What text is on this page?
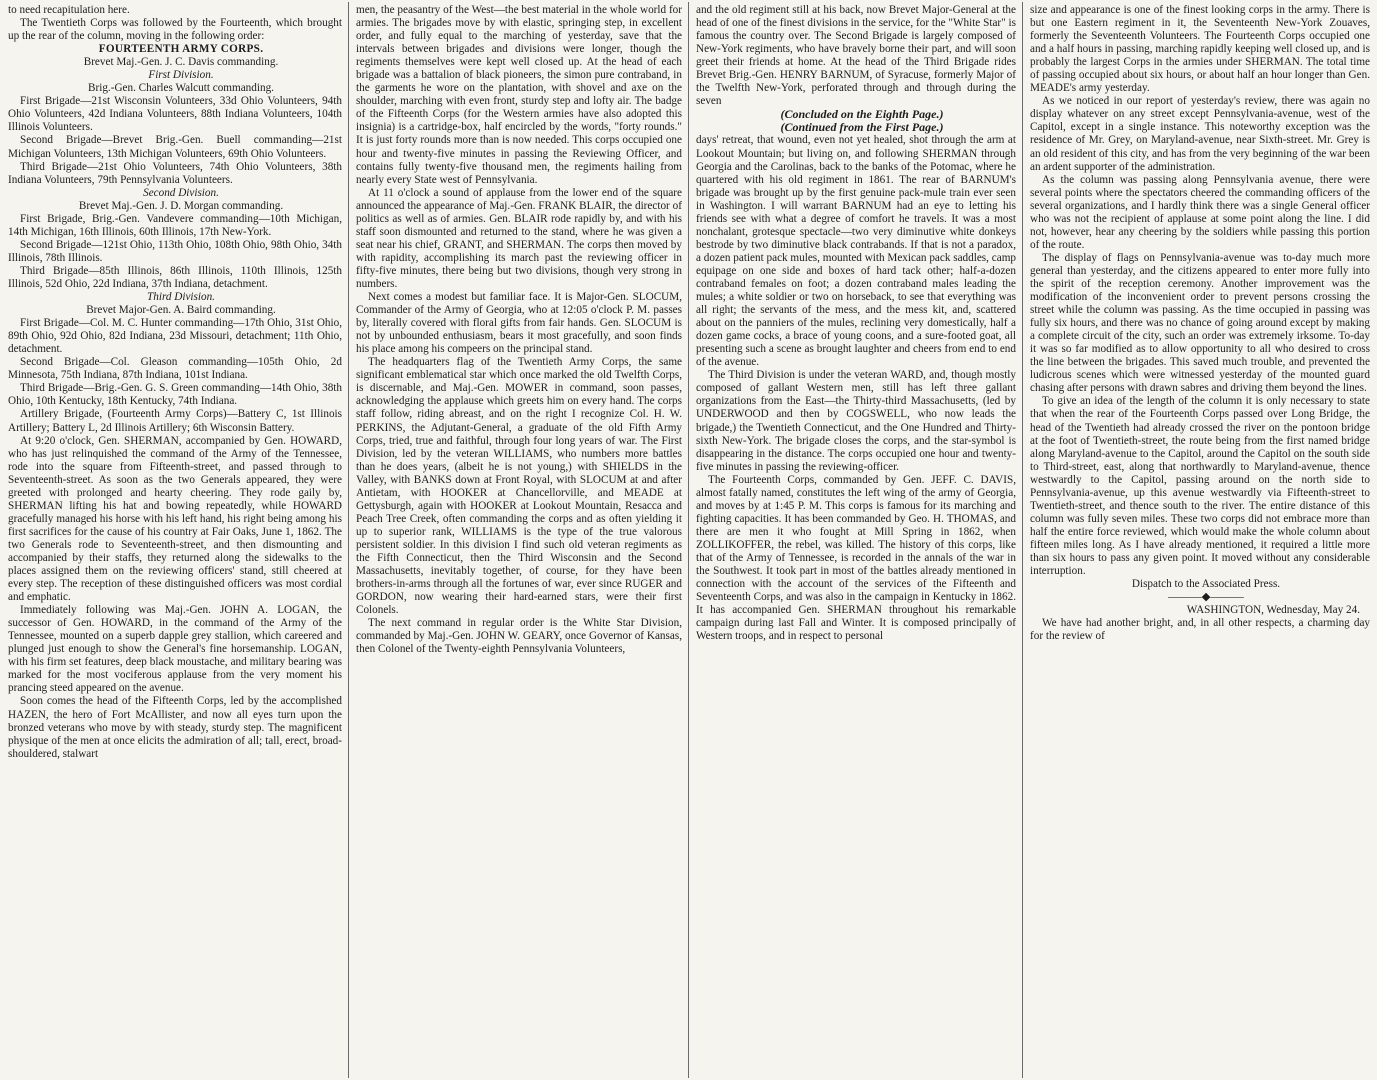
to need recapitulation here.

The Twentieth Corps was followed by the Fourteenth, which brought up the rear of the column, moving in the following order:

FOURTEENTH ARMY CORPS.

Brevet Maj.-Gen. J. C. Davis commanding.

First Division.

Brig.-Gen. Charles Walcutt commanding.

First Brigade—21st Wisconsin Volunteers, 33d Ohio Volunteers, 94th Ohio Volunteers, 42d Indiana Volunteers, 88th Indiana Volunteers, 104th Illinois Volunteers.

Second Brigade—Brevet Brig.-Gen. Buell commanding—21st Michigan Volunteers, 13th Michigan Volunteers, 69th Ohio Volunteers.

Third Brigade—21st Ohio Volunteers, 74th Ohio Volunteers, 38th Indiana Volunteers, 79th Pennsylvania Volunteers.

Second Division.

Brevet Maj.-Gen. J. D. Morgan commanding.

First Brigade, Brig.-Gen. Vandevere commanding—10th Michigan, 14th Michigan, 16th Illinois, 60th Illinois, 17th New-York.

Second Brigade—121st Ohio, 113th Ohio, 108th Ohio, 98th Ohio, 34th Illinois, 78th Illinois.

Third Brigade—85th Illinois, 86th Illinois, 110th Illinois, 125th Illinois, 52d Ohio, 22d Indiana, 37th Indiana, detachment.

Third Division.

Brevet Major-Gen. A. Baird commanding.

First Brigade—Col. M. C. Hunter commanding—17th Ohio, 31st Ohio, 89th Ohio, 92d Ohio, 82d Indiana, 23d Missouri, detachment; 11th Ohio, detachment.

Second Brigade—Col. Gleason commanding—105th Ohio, 2d Minnesota, 75th Indiana, 87th Indiana, 101st Indiana.

Third Brigade—Brig.-Gen. G. S. Green commanding—14th Ohio, 38th Ohio, 10th Kentucky, 18th Kentucky, 74th Indiana.

Artillery Brigade, (Fourteenth Army Corps)—Battery C, 1st Illinois Artillery; Battery L, 2d Illinois Artillery; 6th Wisconsin Battery.

At 9:20 o'clock, Gen. SHERMAN, accompanied by Gen. HOWARD, who has just relinquished the command of the Army of the Tennessee, rode into the square from Fifteenth-street, and passed through to Seventeenth-street. As soon as the two Generals appeared, they were greeted with prolonged and hearty cheering. They rode gaily by, SHERMAN lifting his hat and bowing repeatedly, while HOWARD gracefully managed his horse with his left hand, his right being among his first sacrifices for the cause of his country at Fair Oaks, June 1, 1862. The two Generals rode to Seventeenth-street, and then dismounting and accompanied by their staffs, they returned along the sidewalks to the places assigned them on the reviewing officers' stand, still cheered at every step. The reception of these distinguished officers was most cordial and emphatic.

Immediately following was Maj.-Gen. JOHN A. LOGAN, the successor of Gen. HOWARD, in the command of the Army of the Tennessee, mounted on a superb dapple grey stallion, which careered and plunged just enough to show the General's fine horsemanship. LOGAN, with his firm set features, deep black moustache, and military bearing was marked for the most vociferous applause from the very moment his prancing steed appeared on the avenue.

Soon comes the head of the Fifteenth Corps, led by the accomplished HAZEN, the hero of Fort McAllister, and now all eyes turn upon the bronzed veterans who move by with steady, sturdy step. The magnificent physique of the men at once elicits the admiration of all; tall, erect, broad-shouldered, stalwart

men, the peasantry of the West—the best material in the whole world for armies. The brigades move by with elastic, springing step, in excellent order, and fully equal to the marching of yesterday, save that the intervals between brigades and divisions were longer, though the regiments themselves were kept well closed up. At the head of each brigade was a battalion of black pioneers, the simon pure contraband, in the garments he wore on the plantation, with shovel and axe on the shoulder, marching with even front, sturdy step and lofty air. The badge of the Fifteenth Corps (for the Western armies have also adopted this insignia) is a cartridge-box, half encircled by the words, "forty rounds." It is just forty rounds more than is now needed. This corps occupied one hour and twenty-five minutes in passing the Reviewing Officer, and contains fully twenty-five thousand men, the regiments hailing from nearly every State west of Pennsylvania.

At 11 o'clock a sound of applause from the lower end of the square announced the appearance of Maj.-Gen. FRANK BLAIR, the director of politics as well as of armies. Gen. BLAIR rode rapidly by, and with his staff soon dismounted and returned to the stand, where he was given a seat near his chief, GRANT, and SHERMAN. The corps then moved by with rapidity, accomplishing its march past the reviewing officer in fifty-five minutes, there being but two divisions, though very strong in numbers.

Next comes a modest but familiar face. It is Major-Gen. SLOCUM, Commander of the Army of Georgia, who at 12:05 o'clock P. M. passes by, literally covered with floral gifts from fair hands. Gen. SLOCUM is not by unbounded enthusiasm, bears it most gracefully, and soon finds his place among his compeers on the principal stand.

The headquarters flag of the Twentieth Army Corps, the same significant emblematical star which once marked the old Twelfth Corps, is discernable, and Maj.-Gen. MOWER in command, soon passes, acknowledging the applause which greets him on every hand. The corps staff follow, riding abreast, and on the right I recognize Col. H. W. PERKINS, the Adjutant-General, a graduate of the old Fifth Army Corps, tried, true and faithful, through four long years of war. The First Division, led by the veteran WILLIAMS, who numbers more battles than he does years, (albeit he is not young,) with SHIELDS in the Valley, with BANKS down at Front Royal, with SLOCUM at and after Antietam, with HOOKER at Chancellorville, and MEADE at Gettysburgh, again with HOOKER at Lookout Mountain, Resacca and Peach Tree Creek, often commanding the corps and as often yielding it up to superior rank, WILLIAMS is the type of the true valorous persistent soldier. In this division I find such old veteran regiments as the Fifth Connecticut, then the Third Wisconsin and the Second Massachusetts, inevitably together, of course, for they have been brothers-in-arms through all the fortunes of war, ever since RUGER and GORDON, now wearing their hard-earned stars, were their first Colonels.

The next command in regular order is the White Star Division, commanded by Maj.-Gen. JOHN W. GEARY, once Governor of Kansas, then Colonel of the Twenty-eighth Pennsylvania Volunteers,

and the old regiment still at his back, now Brevet Major-General at the head of one of the finest divisions in the service, for the "White Star" is famous the country over. The Second Brigade is largely composed of New-York regiments, who have bravely borne their part, and will soon greet their friends at home. At the head of the Third Brigade rides Brevet Brig.-Gen. HENRY BARNUM, of Syracuse, formerly Major of the Twelfth New-York, perforated through and through during the seven

(Concluded on the Eighth Page.)

(Continued from the First Page.)

days' retreat, that wound, even not yet healed, shot through the arm at Lookout Mountain; but living on, and following SHERMAN through Georgia and the Carolinas, back to the banks of the Potomac, where he quartered with his old regiment in 1861. The rear of BARNUM's brigade was brought up by the first genuine pack-mule train ever seen in Washington. I will warrant BARNUM had an eye to letting his friends see with what a degree of comfort he travels. It was a most nonchalant, grotesque spectacle—two very diminutive white donkeys bestrode by two diminutive black contrabands. If that is not a paradox, a dozen patient pack mules, mounted with Mexican pack saddles, camp equipage on one side and boxes of hard tack other; half-a-dozen contraband females on foot; a dozen contraband males leading the mules; a white soldier or two on horseback, to see that everything was all right; the servants of the mess, and the mess kit, and, scattered about on the panniers of the mules, reclining very domestically, half a dozen game cocks, a brace of young coons, and a sure-footed goat, all presenting such a scene as brought laughter and cheers from end to end of the avenue.

The Third Division is under the veteran WARD, and, though mostly composed of gallant Western men, still has left three gallant organizations from the East—the Thirty-third Massachusetts, (led by UNDERWOOD and then by COGSWELL, who now leads the brigade,) the Twentieth Connecticut, and the One Hundred and Thirty-sixth New-York. The brigade closes the corps, and the star-symbol is disappearing in the distance. The corps occupied one hour and twenty-five minutes in passing the reviewing-officer.

The Fourteenth Corps, commanded by Gen. JEFF. C. DAVIS, almost fatally named, constitutes the left wing of the army of Georgia, and moves by at 1:45 P. M. This corps is famous for its marching and fighting capacities. It has been commanded by Geo. H. THOMAS, and there are men it who fought at Mill Spring in 1862, when ZOLLIKOFFER, the rebel, was killed. The history of this corps, like that of the Army of Tennessee, is recorded in the annals of the war in the Southwest. It took part in most of the battles already mentioned in connection with the account of the services of the Fifteenth and Seventeenth Corps, and was also in the campaign in Kentucky in 1862. It has accompanied Gen. SHERMAN throughout his remarkable campaign during last Fall and Winter. It is composed principally of Western troops, and in respect to personal

size and appearance is one of the finest looking corps in the army. There is but one Eastern regiment in it, the Seventeenth New-York Zouaves, formerly the Seventeenth Volunteers. The Fourteenth Corps occupied one and a half hours in passing, marching rapidly keeping well closed up, and is probably the largest Corps in the armies under SHERMAN. The total time of passing occupied about six hours, or about half an hour longer than Gen. MEADE's army yesterday.

As we noticed in our report of yesterday's review, there was again no display whatever on any street except Pennsylvania-avenue, west of the Capitol, except in a single instance. This noteworthy exception was the residence of Mr. Grey, on Maryland-avenue, near Sixth-street. Mr. Grey is an old resident of this city, and has from the very beginning of the war been an ardent supporter of the administration.

As the column was passing along Pennsylvania avenue, there were several points where the spectators cheered the commanding officers of the several organizations, and I hardly think there was a single General officer who was not the recipient of applause at some point along the line. I did not, however, hear any cheering by the soldiers while passing this portion of the route.

The display of flags on Pennsylvania-avenue was to-day much more general than yesterday, and the citizens appeared to enter more fully into the spirit of the reception ceremony. Another improvement was the modification of the inconvenient order to prevent persons crossing the street while the column was passing. As the time occupied in passing was fully six hours, and there was no chance of going around except by making a complete circuit of the city, such an order was extremely irksome. To-day it was so far modified as to allow opportunity to all who desired to cross the line between the brigades. This saved much trouble, and prevented the ludicrous scenes which were witnessed yesterday of the mounted guard chasing after persons with drawn sabres and driving them beyond the lines.

To give an idea of the length of the column it is only necessary to state that when the rear of the Fourteenth Corps passed over Long Bridge, the head of the Twentieth had already crossed the river on the pontoon bridge at the foot of Twentieth-street, the route being from the first named bridge along Maryland-avenue to the Capitol, around the Capitol on the south side to Third-street, east, along that northwardly to Maryland-avenue, thence westwardly to the Capitol, passing around on the north side to Pennsylvania-avenue, up this avenue westwardly via Fifteenth-street to Twentieth-street, and thence south to the river. The entire distance of this column was fully seven miles. These two corps did not embrace more than half the entire force reviewed, which would make the whole column about fifteen miles long. As I have already mentioned, it required a little more than six hours to pass any given point. It moved without any considerable interruption.

Dispatch to the Associated Press.

———◆———

WASHINGTON, Wednesday, May 24.

We have had another bright, and, in all other respects, a charming day for the review of
